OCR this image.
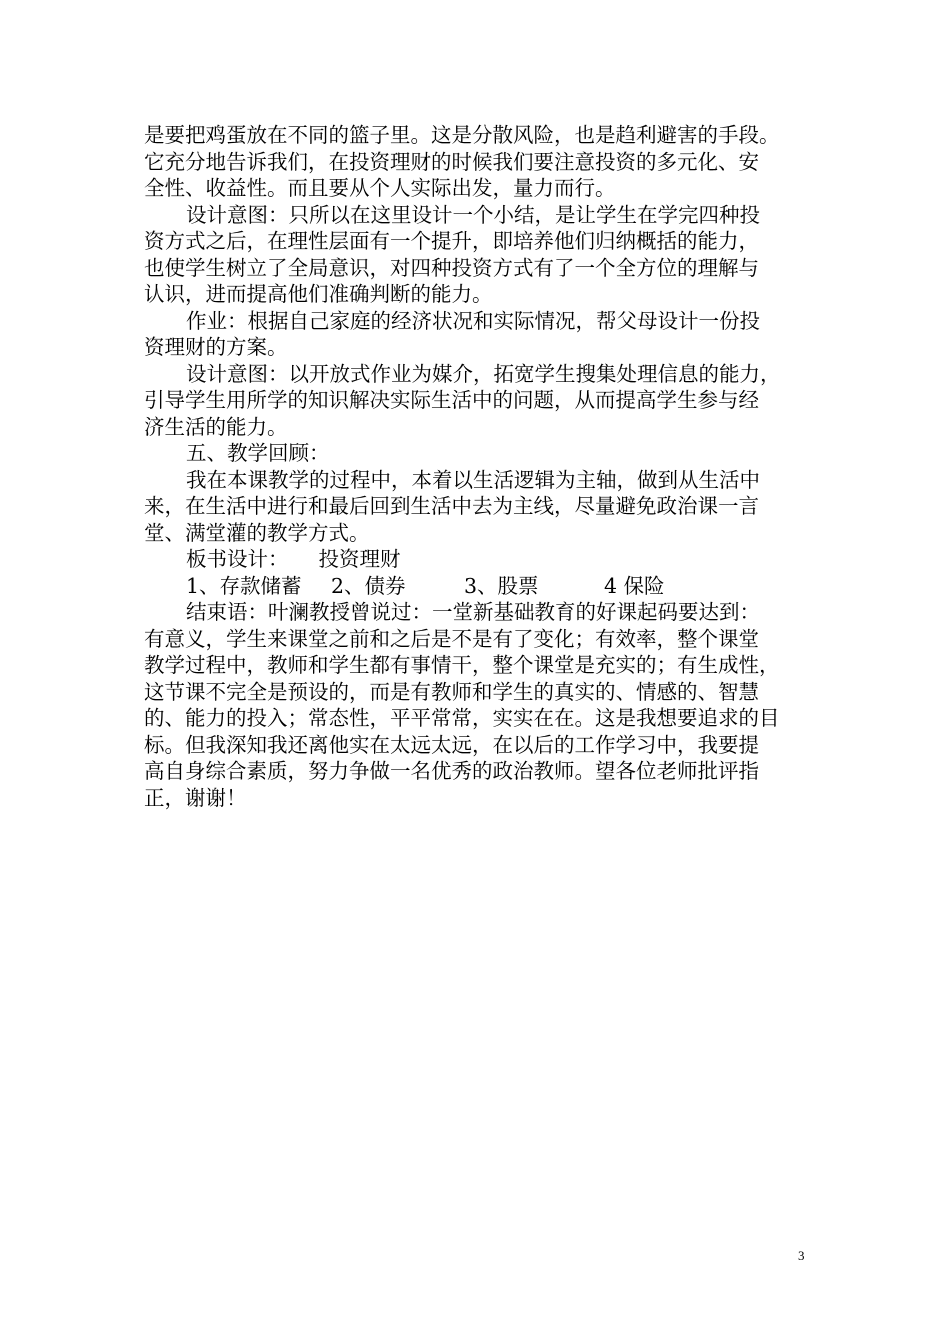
是要把鸡蛋放在不同的篮子里。这是分散风险，也是趋利避害的手段。
它充分地告诉我们，在投资理财的时候我们要注意投资的多元化、安
全性、收益性。而且要从个人实际出发，量力而行。
设计意图：只所以在这里设计一个小结，是让学生在学完四种投
资方式之后，在理性层面有一个提升，即培养他们归纳概括的能力，
也使学生树立了全局意识，对四种投资方式有了一个全方位的理解与
认识，进而提高他们准确判断的能力。
作业：根据自己家庭的经济状况和实际情况，帮父母设计一份投
资理财的方案。
设计意图：以开放式作业为媒介，拓宽学生搜集处理信息的能力，
引导学生用所学的知识解决实际生活中的问题，从而提高学生参与经
济生活的能力。
五、教学回顾：
我在本课教学的过程中，本着以生活逻辑为主轴，做到从生活中
来，在生活中进行和最后回到生活中去为主线，尽量避免政治课一言
堂、满堂灌的教学方式。
板书设计： 投资理财
1、存款储蓄 2、债券	3、股票	4 保险
结束语：叶澜教授曾说过：一堂新基础教育的好课起码要达到：
有意义，学生来课堂之前和之后是不是有了变化；有效率，整个课堂
教学过程中，教师和学生都有事情干，整个课堂是充实的；有生成性，
这节课不完全是预设的，而是有教师和学生的真实的、情感的、智慧
的、能力的投入；常态性，平平常常，实实在在。这是我想要追求的目
标。但我深知我还离他实在太远太远，在以后的工作学习中，我要提
高自身综合素质，努力争做一名优秀的政治教师。望各位老师批评指
正，谢谢！
3
